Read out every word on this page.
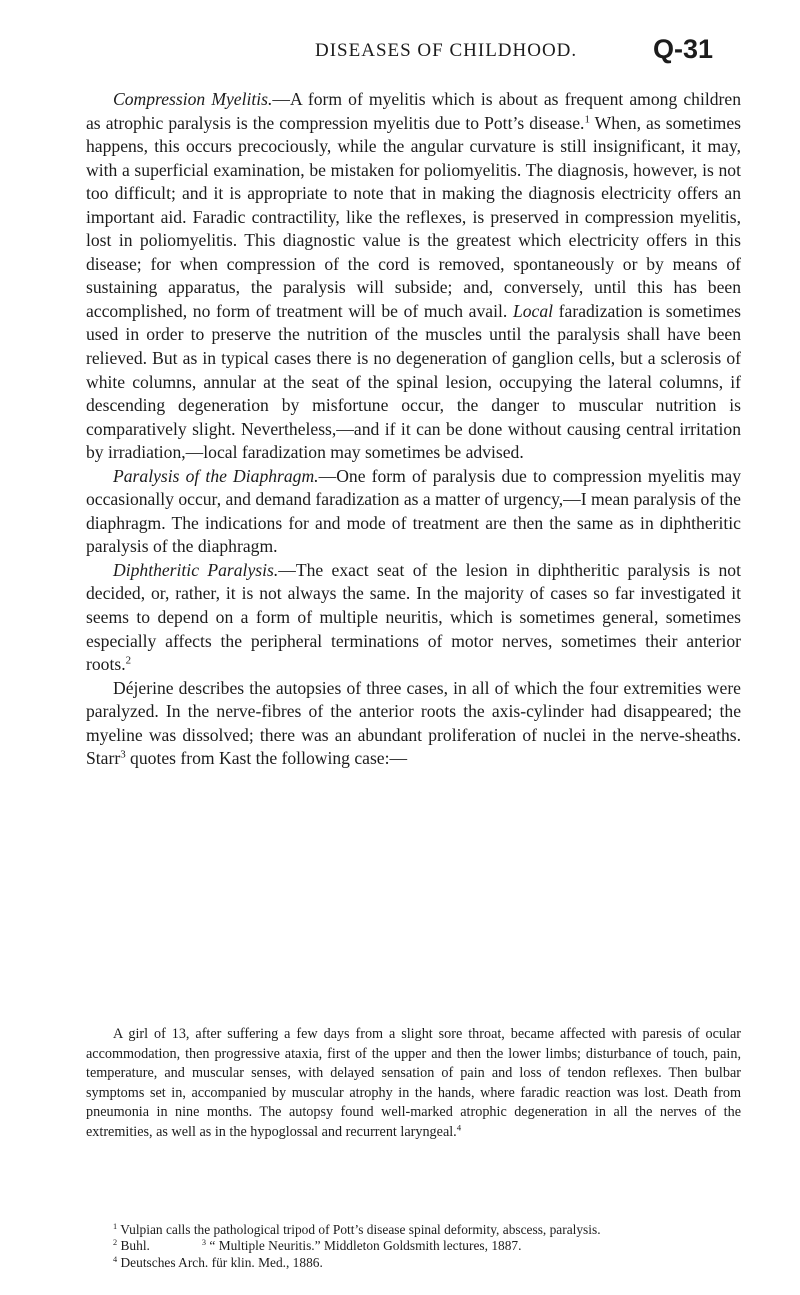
DISEASES OF CHILDHOOD.	Q-31

Compression Myelitis.—A form of myelitis which is about as frequent among children as atrophic paralysis is the compression myelitis due to Pott’s disease.$^1$ When, as sometimes happens, this occurs precociously, while the angular curvature is still insignificant, it may, with a superficial examination, be mistaken for poliomyelitis. The diagnosis, however, is not too difficult; and it is appropriate to note that in making the diagnosis electricity offers an important aid. Faradic contractility, like the reflexes, is preserved in compression myelitis, lost in poliomyelitis. This diagnostic value is the greatest which electricity offers in this disease; for when compression of the cord is removed, spontaneously or by means of sustaining apparatus, the paralysis will subside; and, conversely, until this has been accomplished, no form of treatment will be of much avail. Local faradization is sometimes used in order to preserve the nutrition of the muscles until the paralysis shall have been relieved. But as in typical cases there is no degeneration of ganglion cells, but a sclerosis of white columns, annular at the seat of the spinal lesion, occupying the lateral columns, if descending degeneration by misfortune occur, the danger to muscular nutrition is comparatively slight. Nevertheless,—and if it can be done without causing central irritation by irradiation,—local faradization may sometimes be advised.

Paralysis of the Diaphragm.—One form of paralysis due to compression myelitis may occasionally occur, and demand faradization as a matter of urgency,—I mean paralysis of the diaphragm. The indications for and mode of treatment are then the same as in diphtheritic paralysis of the diaphragm.

Diphtheritic Paralysis.—The exact seat of the lesion in diphtheritic paralysis is not decided, or, rather, it is not always the same. In the majority of cases so far investigated it seems to depend on a form of multiple neuritis, which is sometimes general, sometimes especially affects the peripheral terminations of motor nerves, sometimes their anterior roots.$^2$

Déjerine describes the autopsies of three cases, in all of which the four extremities were paralyzed. In the nerve-fibres of the anterior roots the axis-cylinder had disappeared; the myeline was dissolved; there was an abundant proliferation of nuclei in the nerve-sheaths. Starr$^3$ quotes from Kast the following case:—

A girl of 13, after suffering a few days from a slight sore throat, became affected with paresis of ocular accommodation, then progressive ataxia, first of the upper and then the lower limbs; disturbance of touch, pain, temperature, and muscular senses, with delayed sensation of pain and loss of tendon reflexes. Then bulbar symptoms set in, accompanied by muscular atrophy in the hands, where faradic reaction was lost. Death from pneumonia in nine months. The autopsy found well-marked atrophic degeneration in all the nerves of the extremities, as well as in the hypoglossal and recurrent laryngeal.$^4$

$^1$ Vulpian calls the pathological tripod of Pott’s disease spinal deformity, abscess, paralysis.

$^2$ Buhl.	$^3$ “ Multiple Neuritis.” Middleton Goldsmith lectures, 1887.

$^4$ Deutsches Arch. für klin. Med., 1886.
